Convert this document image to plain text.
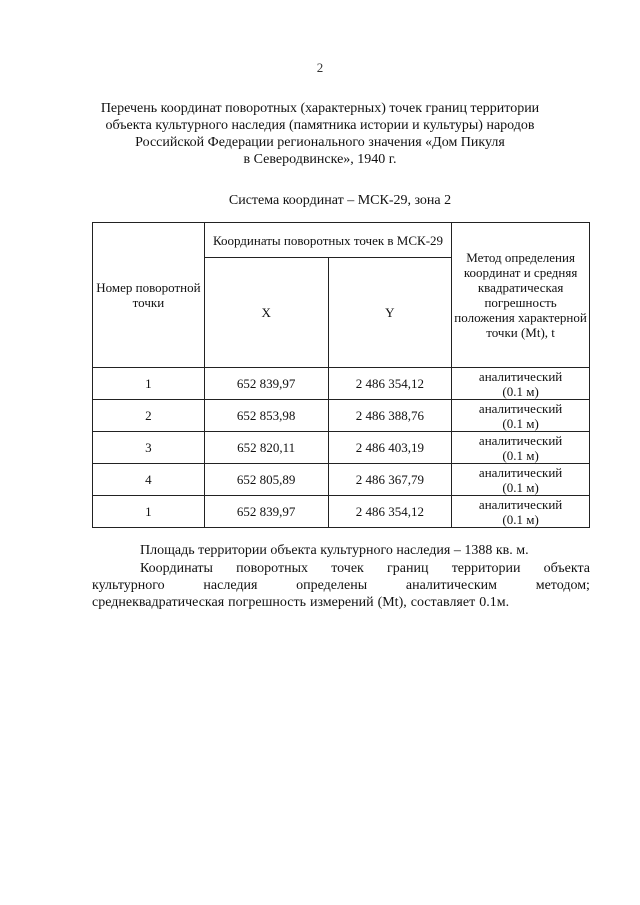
2
Перечень координат поворотных (характерных) точек границ территории
объекта культурного наследия (памятника истории и культуры) народов
Российской Федерации регионального значения «Дом Пикуля
в Северодвинске», 1940 г.
Система координат – МСК-29, зона 2
Номер поворотной точки	Координаты поворотных точек в МСК-29		Метод определения координат и средняя квадратическая погрешность положения характерной точки (Mt), t
	X	Y	
1	652 839,97	2 486 354,12	аналитический
(0.1 м)
2	652 853,98	2 486 388,76	аналитический
(0.1 м)
3	652 820,11	2 486 403,19	аналитический
(0.1 м)
4	652 805,89	2 486 367,79	аналитический
(0.1 м)
1	652 839,97	2 486 354,12	аналитический
(0.1 м)
Площадь территории объекта культурного наследия – 1388 кв. м.
Координаты поворотных точек границ территории объекта
культурного	наследия	определены	аналитическим	методом;
среднеквадратическая погрешность измерений (Mt), составляет 0.1м.
